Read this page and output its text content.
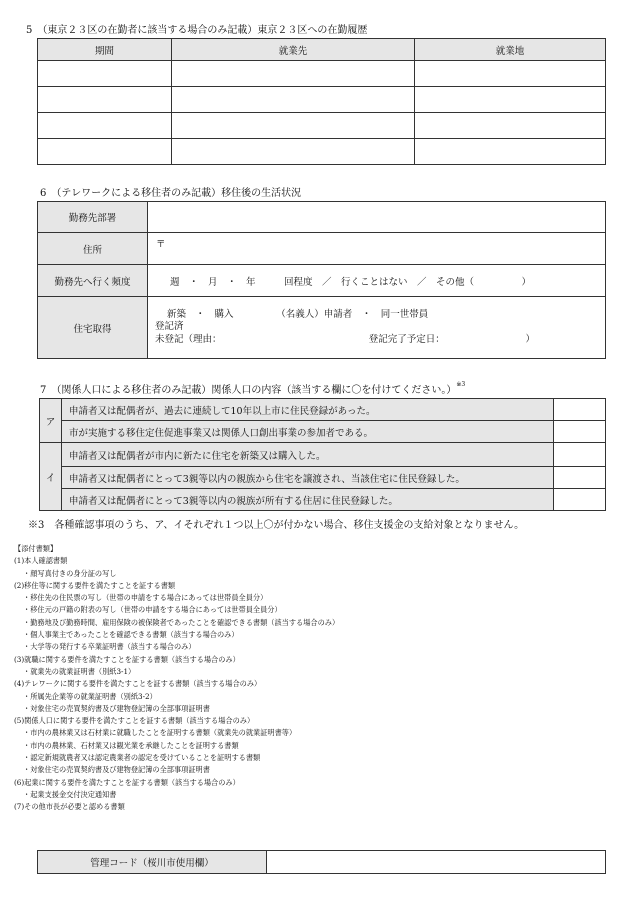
5　（東京２３区の在勤者に該当する場合のみ記載）東京２３区への在勤履歴
期間	就業先	就業地

6　（テレワークによる移住者のみ記載）移住後の生活状況
勤務先部署	
住所	〒

勤務先へ行く頻度	週　・　月　・　年　　　回程度　／　行くことはない　／　その他（　　　　　）
住宅取得	新築　・　購入　　　　　（名義人）申請者　・　同一世帯員
登記済
未登記（理由：　　　　　　　　　　　　　　　　登記完了予定日：　　　　　　　　　）
7　（関係人口による移住者のみ記載）関係人口の内容（該当する欄に〇を付けてください。）$^{※3}$
ア	申請者又は配偶者が、過去に連続して10年以上市に住民登録があった。	
	市が実施する移住定住促進事業又は関係人口創出事業の参加者である。	
イ	申請者又は配偶者が市内に新たに住宅を新築又は購入した。	
	申請者又は配偶者にとって3親等以内の親族から住宅を譲渡され、当該住宅に住民登録した。	
	申請者又は配偶者にとって3親等以内の親族が所有する住居に住民登録した。	
※3　各種確認事項のうち、ア、イそれぞれ１つ以上〇が付かない場合、移住支援金の支給対象となりません。
【添付書類】
(1)本人確認書類
・顔写真付きの身分証の写し
(2)移住等に関する要件を満たすことを証する書類
・移住先の住民票の写し（世帯の申請をする場合にあっては世帯員全員分）
・移住元の戸籍の附表の写し（世帯の申請をする場合にあっては世帯員全員分）
・勤務地及び勤務時間、雇用保険の被保険者であったことを確認できる書類（該当する場合のみ）
・個人事業主であったことを確認できる書類（該当する場合のみ）
・大学等の発行する卒業証明書（該当する場合のみ）
(3)就職に関する要件を満たすことを証する書類（該当する場合のみ）
・就業先の就業証明書（別紙3-1）
(4)テレワークに関する要件を満たすことを証する書類（該当する場合のみ）
・所属先企業等の就業証明書（別紙3-2）
・対象住宅の売買契約書及び建物登記簿の全部事項証明書
(5)関係人口に関する要件を満たすことを証する書類（該当する場合のみ）
・市内の農林業又は石材業に就職したことを証明する書類（就業先の就業証明書等）
・市内の農林業、石材業又は観光業を承継したことを証明する書類
・認定新規就農者又は認定農業者の認定を受けていることを証明する書類
・対象住宅の売買契約書及び建物登記簿の全部事項証明書
(6)起業に関する要件を満たすことを証する書類（該当する場合のみ）
・起業支援金交付決定通知書
(7)その他市長が必要と認める書類
管理コード（桜川市使用欄）	
